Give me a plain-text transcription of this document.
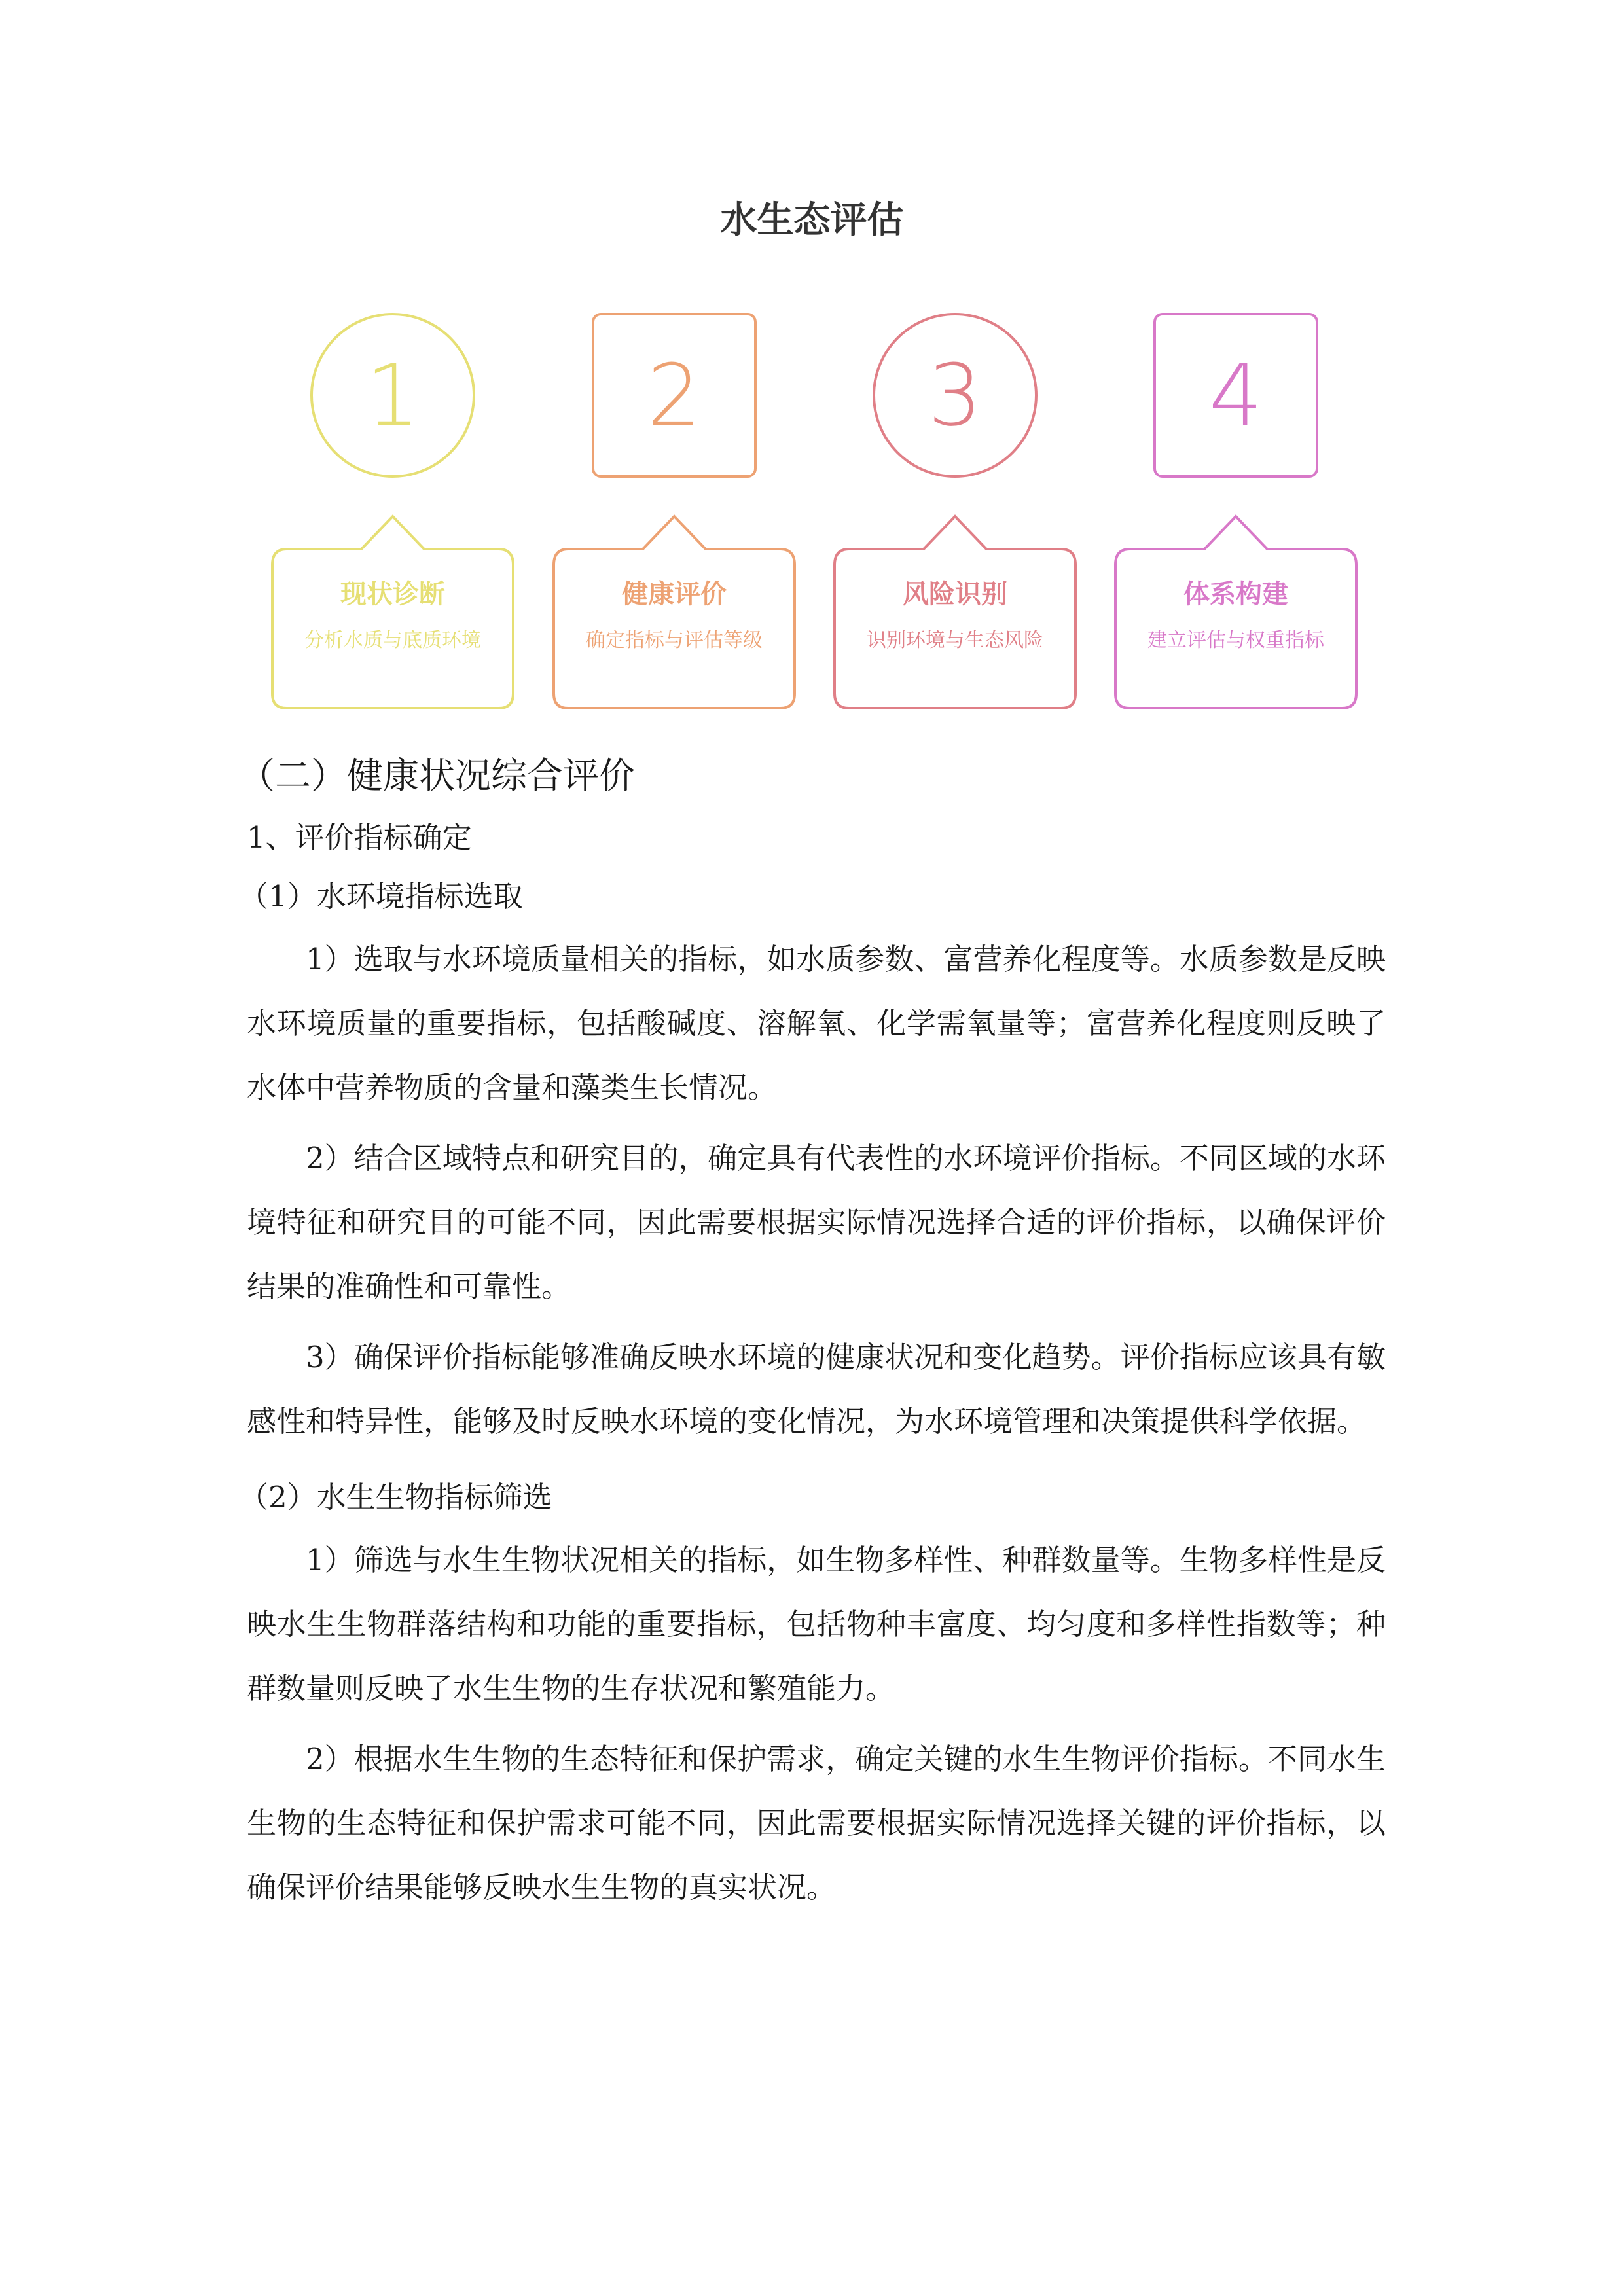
水生态评估
1
现状诊断
分析水质与底质环境
2
健康评价
确定指标与评估等级
3
风险识别
识别环境与生态风险
4
体系构建
建立评估与权重指标

（二）健康状况综合评价

1、评价指标确定

（1）水环境指标选取

1）选取与水环境质量相关的指标，如水质参数、富营养化程度等。水质参数是反映水环境质量的重要指标，包括酸碱度、溶解氧、化学需氧量等；富营养化程度则反映了水体中营养物质的含量和藻类生长情况。

2）结合区域特点和研究目的，确定具有代表性的水环境评价指标。不同区域的水环境特征和研究目的可能不同，因此需要根据实际情况选择合适的评价指标，以确保评价结果的准确性和可靠性。

3）确保评价指标能够准确反映水环境的健康状况和变化趋势。评价指标应该具有敏感性和特异性，能够及时反映水环境的变化情况，为水环境管理和决策提供科学依据。

（2）水生生物指标筛选

1）筛选与水生生物状况相关的指标，如生物多样性、种群数量等。生物多样性是反映水生生物群落结构和功能的重要指标，包括物种丰富度、均匀度和多样性指数等；种群数量则反映了水生生物的生存状况和繁殖能力。

2）根据水生生物的生态特征和保护需求，确定关键的水生生物评价指标。不同水生生物的生态特征和保护需求可能不同，因此需要根据实际情况选择关键的评价指标，以确保评价结果能够反映水生生物的真实状况。
